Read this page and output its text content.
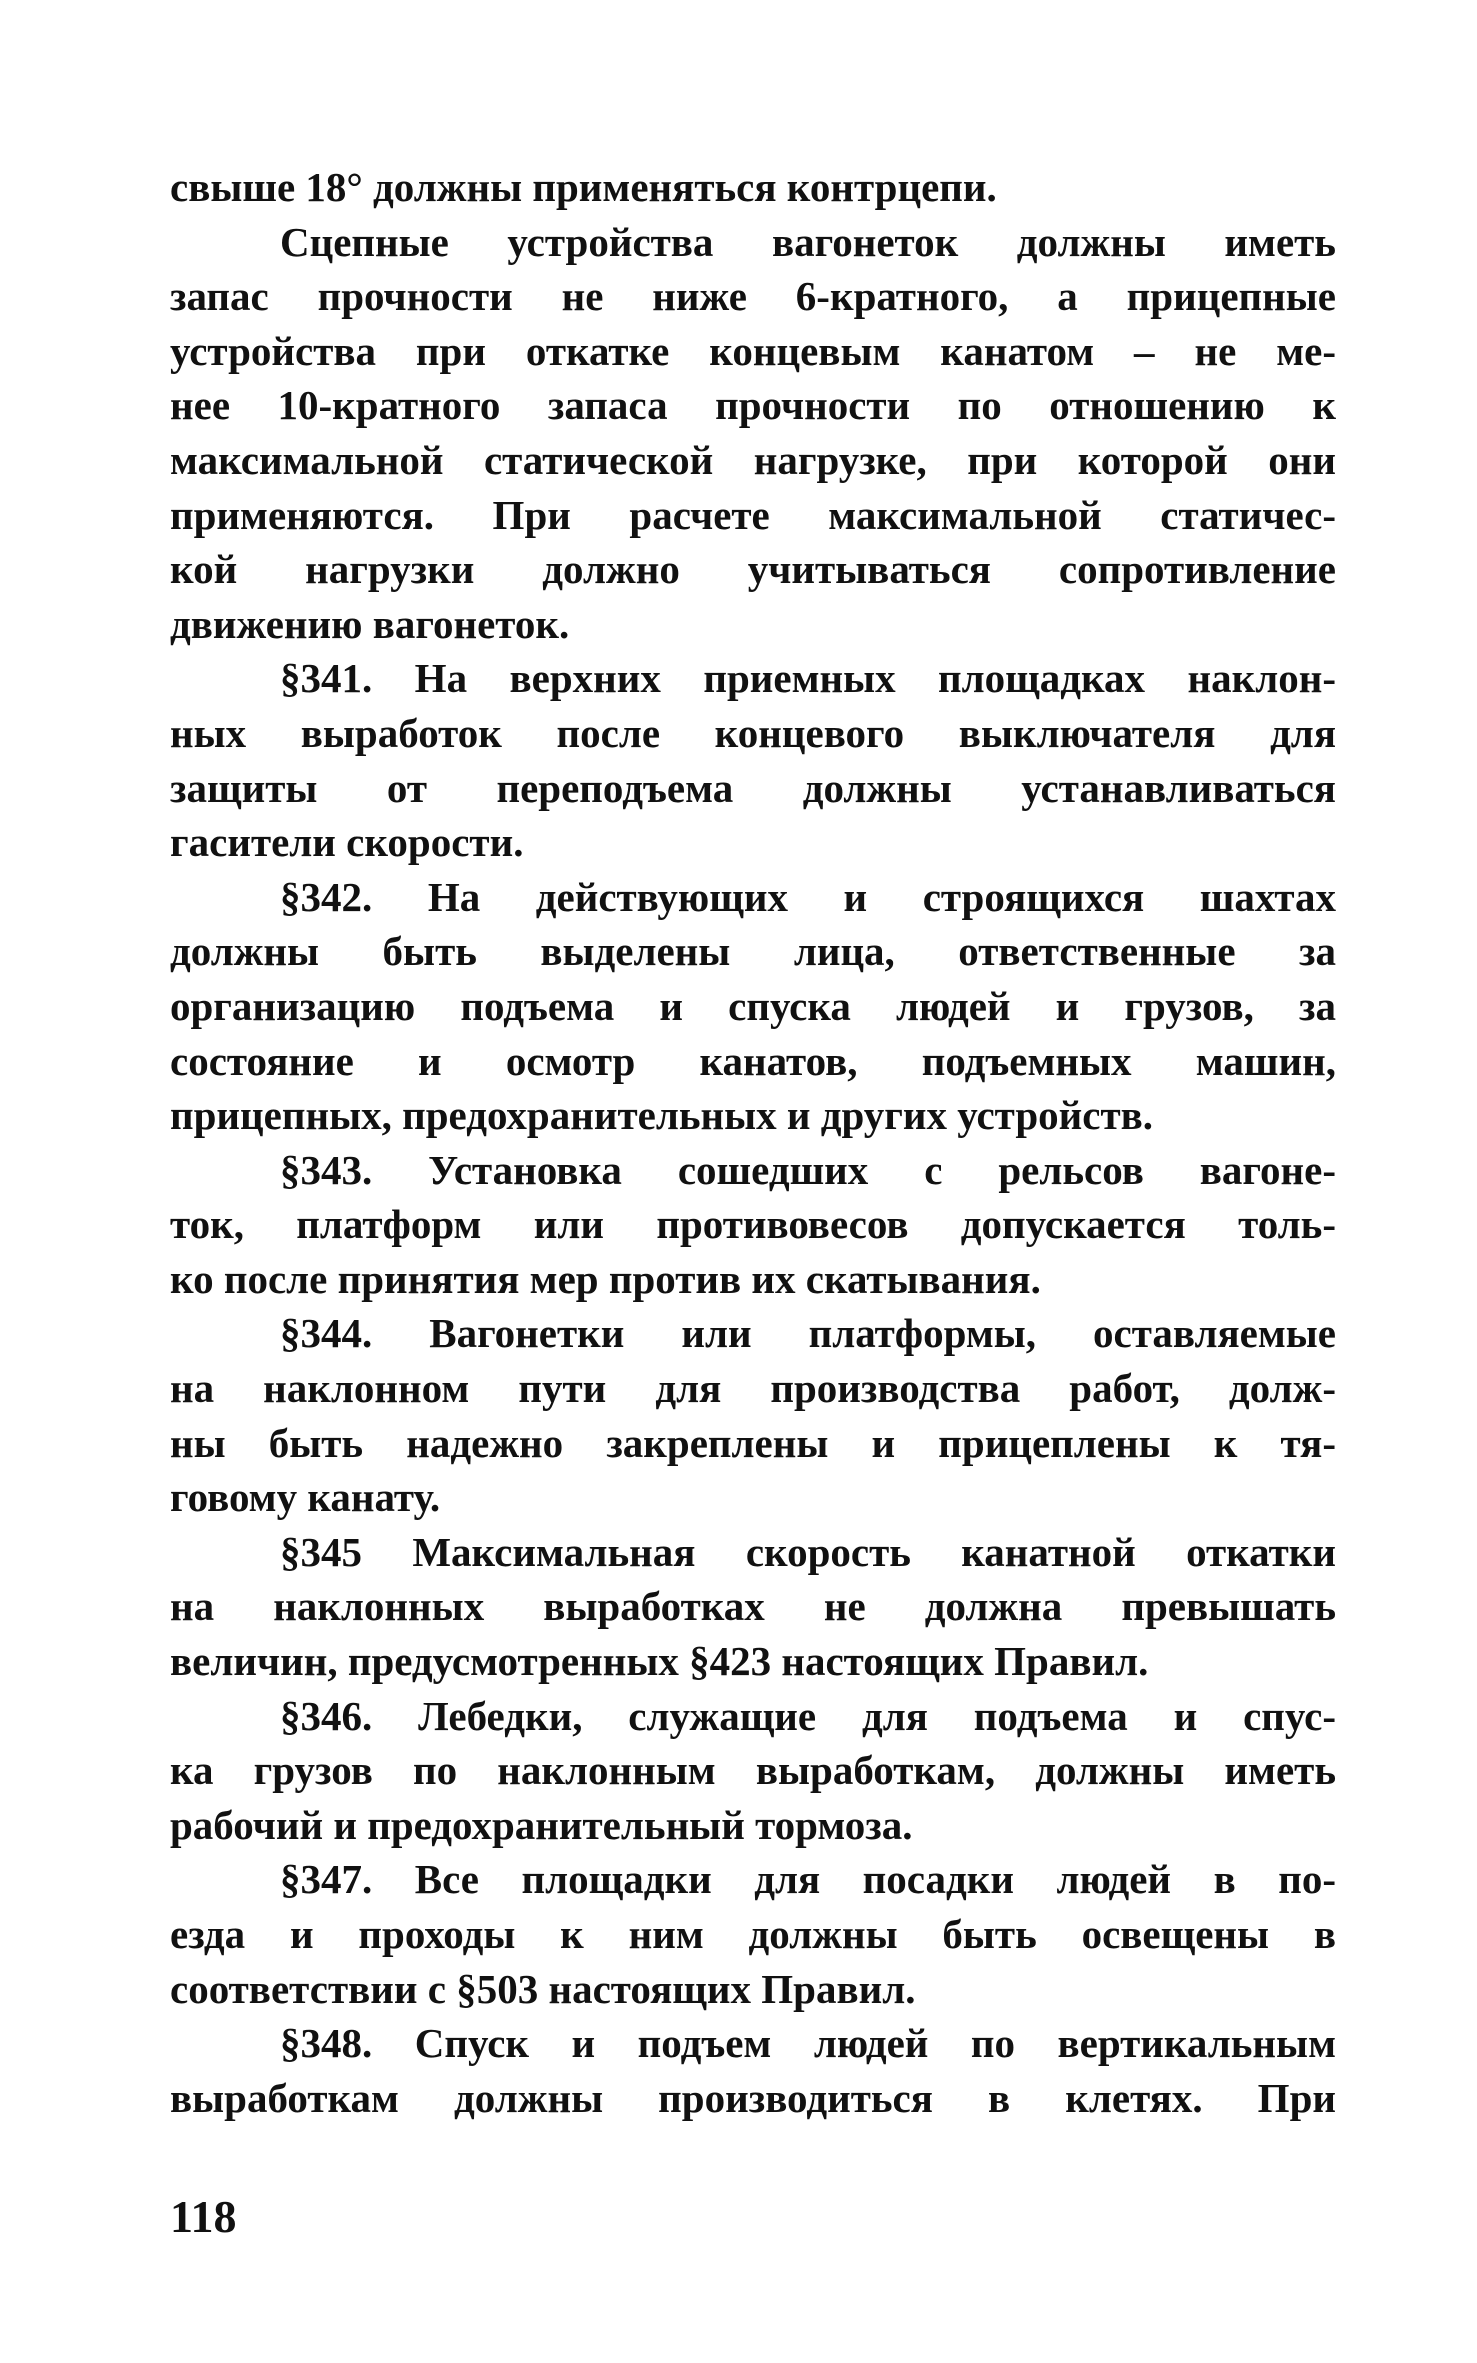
свыше 18° должны применяться контрцепи.
Сцепные устройства вагонеток должны иметь
запас прочности не ниже 6-кратного, а прицепные
устройства при откатке концевым канатом – не ме-
нее 10-кратного запаса прочности по отношению к
максимальной статической нагрузке, при которой они
применяются. При расчете максимальной статичес-
кой нагрузки должно учитываться сопротивление
движению вагонеток.
§341. На верхних приемных площадках наклон-
ных выработок после концевого выключателя для
защиты от переподъема должны устанавливаться
гасители скорости.
§342. На действующих и строящихся шахтах
должны быть выделены лица, ответственные за
организацию подъема и спуска людей и грузов, за
состояние и осмотр канатов, подъемных машин,
прицепных, предохранительных и других устройств.
§343. Установка сошедших с рельсов вагоне-
ток, платформ или противовесов допускается толь-
ко после принятия мер против их скатывания.
§344. Вагонетки или платформы, оставляемые
на наклонном пути для производства работ, долж-
ны быть надежно закреплены и прицеплены к тя-
говому канату.
§345 Максимальная скорость канатной откатки
на наклонных выработках не должна превышать
величин, предусмотренных §423 настоящих Правил.
§346. Лебедки, служащие для подъема и спус-
ка грузов по наклонным выработкам, должны иметь
рабочий и предохранительный тормоза.
§347. Все площадки для посадки людей в по-
езда и проходы к ним должны быть освещены в
соответствии с §503 настоящих Правил.
§348. Спуск и подъем людей по вертикальным
выработкам должны производиться в клетях. При
118
